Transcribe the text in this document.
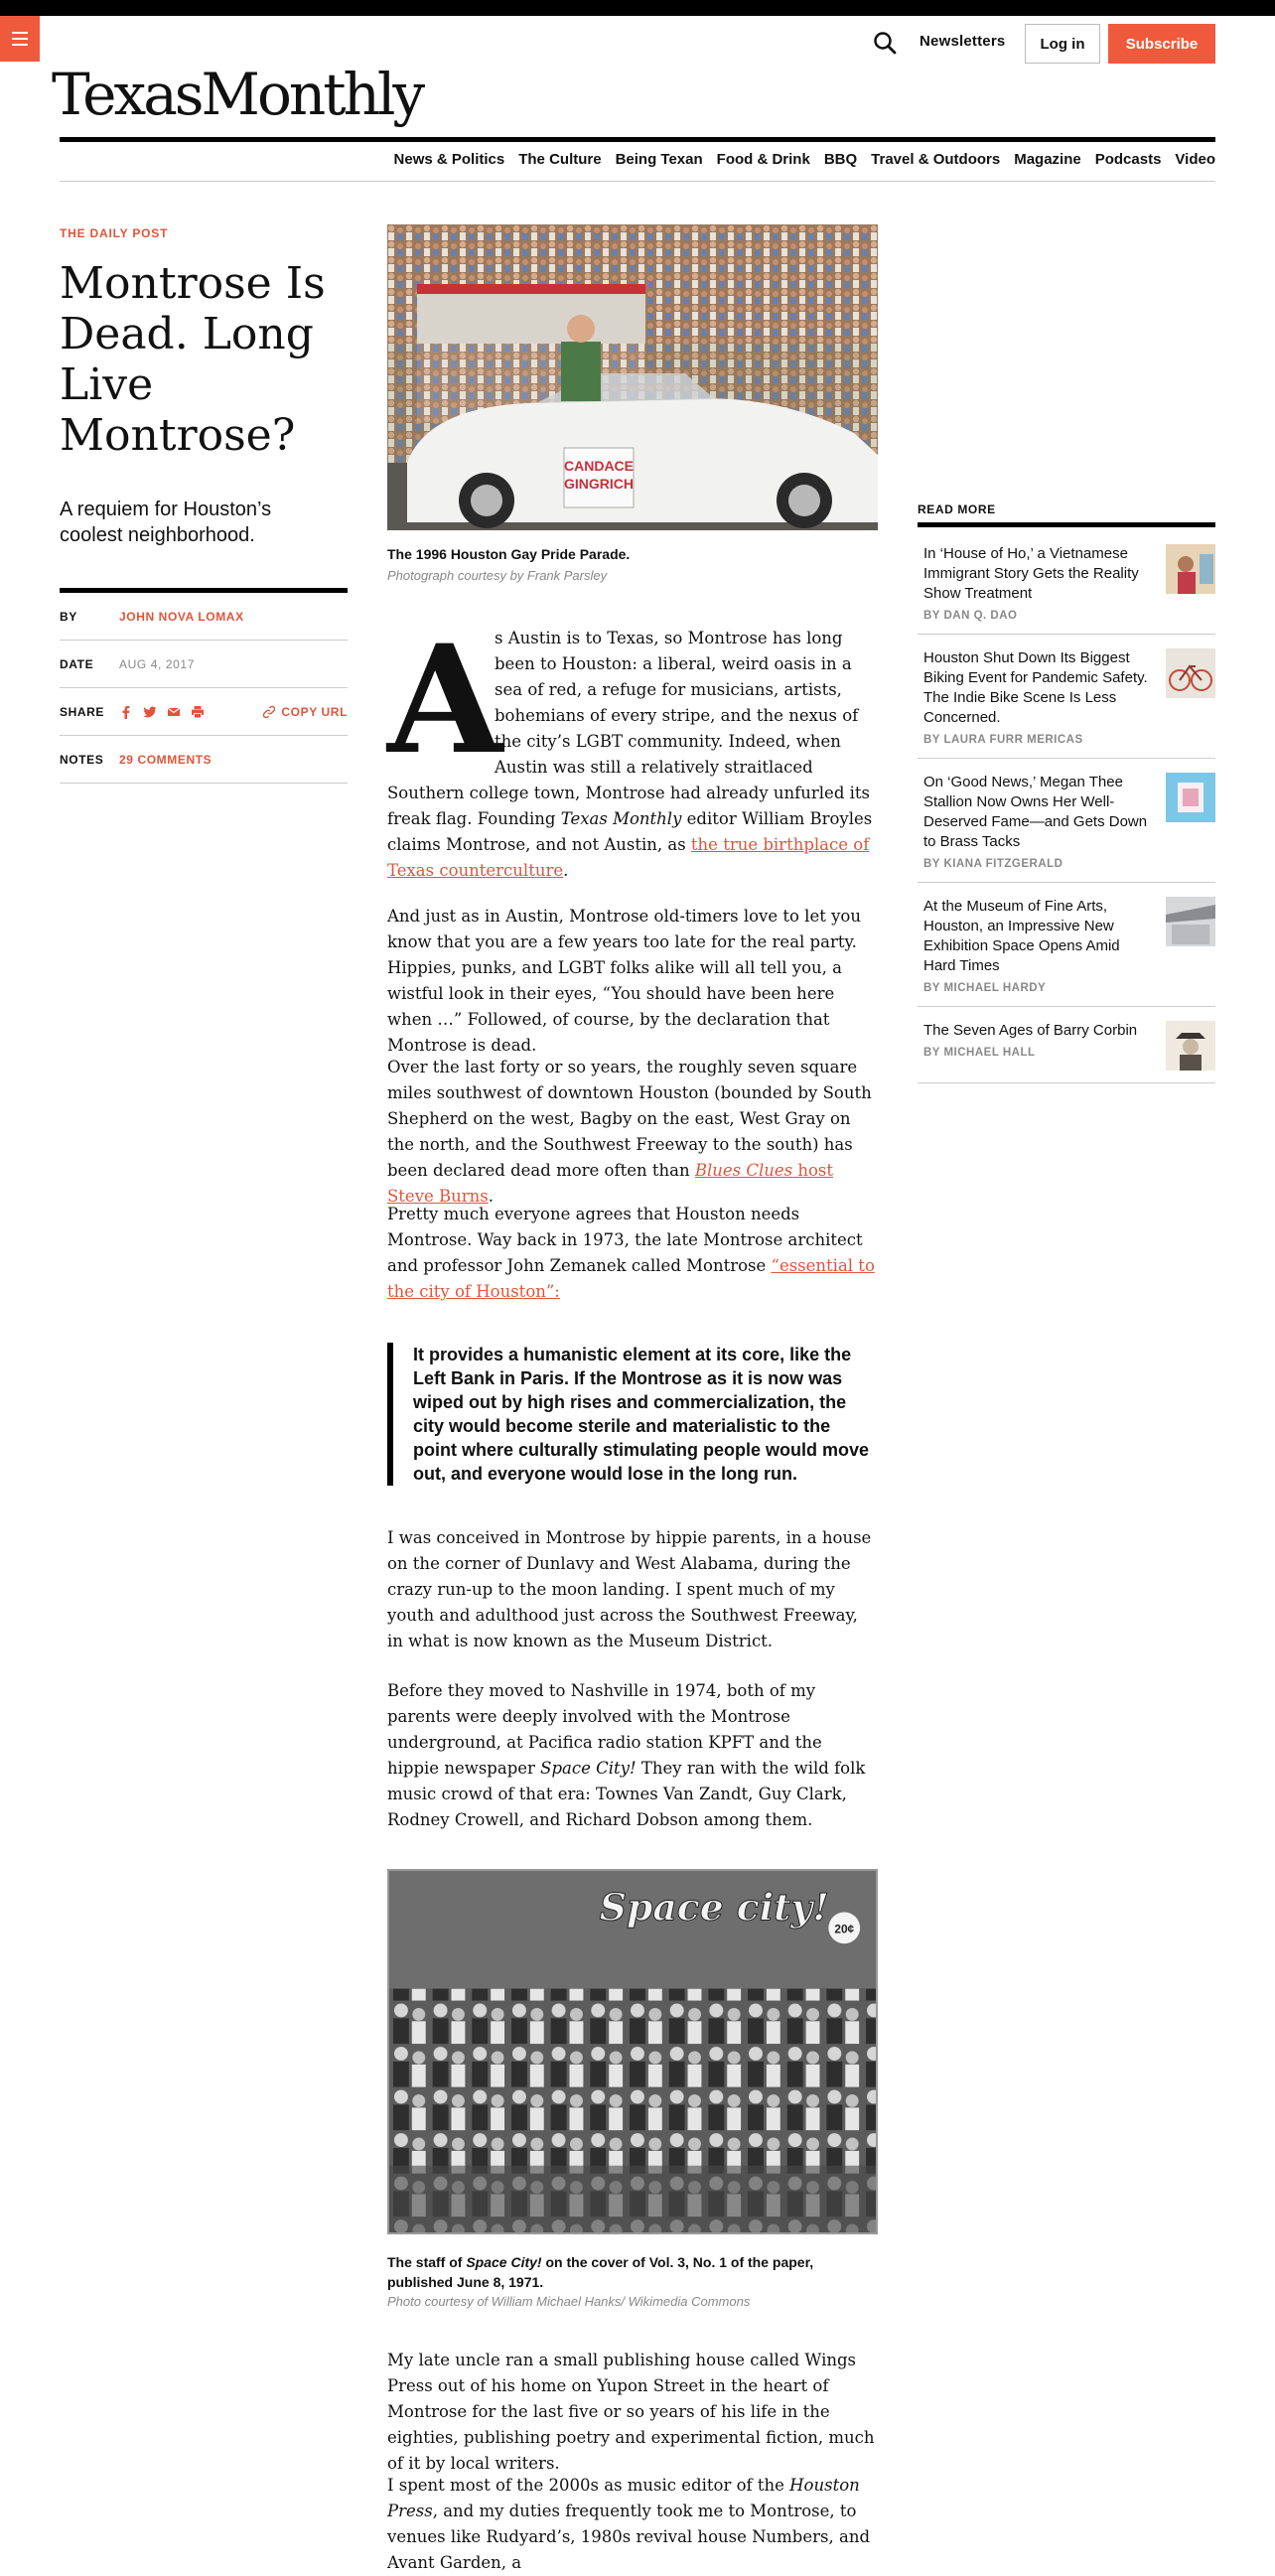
Newsletters	Log in	Subscribe
TexasMonthly
News & Politics The Culture Being Texan Food & Drink BBQ Travel & Outdoors Magazine Podcasts Video
THE DAILY POST
Montrose Is Dead. Long Live Montrose?
A requiem for Houston’s coolest neighborhood.
BY	JOHN NOVA LOMAX
DATE	AUG 4, 2017
SHARE	COPY URL
NOTES	29 COMMENTS
CANDACE
GINGRICH
The 1996 Houston Gay Pride Parade.
Photograph courtesy by Frank Parsley
A
s Austin is to Texas, so Montrose has long been to Houston: a liberal, weird oasis in a sea of red, a refuge for musicians, artists, bohemians of every stripe, and the nexus of the city’s LGBT community. Indeed, when Austin was still a relatively straitlaced Southern college town, Montrose had already unfurled its freak flag. Founding Texas Monthly editor William Broyles claims Montrose, and not Austin, as the true birthplace of Texas counterculture.
And just as in Austin, Montrose old-timers love to let you know that you are a few years too late for the real party. Hippies, punks, and LGBT folks alike will all tell you, a wistful look in their eyes, “You should have been here when …” Followed, of course, by the declaration that Montrose is dead.
Over the last forty or so years, the roughly seven square miles southwest of downtown Houston (bounded by South Shepherd on the west, Bagby on the east, West Gray on the north, and the Southwest Freeway to the south) has been declared dead more often than Blues Clues host Steve Burns.
Pretty much everyone agrees that Houston needs Montrose. Way back in 1973, the late Montrose architect and professor John Zemanek called Montrose “essential to the city of Houston”:
It provides a humanistic element at its core, like the Left Bank in Paris. If the Montrose as it is now was wiped out by high rises and commercialization, the city would become sterile and materialistic to the point where culturally stimulating people would move out, and everyone would lose in the long run.
I was conceived in Montrose by hippie parents, in a house on the corner of Dunlavy and West Alabama, during the crazy run-up to the moon landing. I spent much of my youth and adulthood just across the Southwest Freeway, in what is now known as the Museum District.
Before they moved to Nashville in 1974, both of my parents were deeply involved with the Montrose underground, at Pacifica radio station KPFT and the hippie newspaper Space City! They ran with the wild folk music crowd of that era: Townes Van Zandt, Guy Clark, Rodney Crowell, and Richard Dobson among them.
Space city! 20¢
The staff of Space City! on the cover of Vol. 3, No. 1 of the paper, published June 8, 1971.
Photo courtesy of William Michael Hanks/ Wikimedia Commons
My late uncle ran a small publishing house called Wings Press out of his home on Yupon Street in the heart of Montrose for the last five or so years of his life in the eighties, publishing poetry and experimental fiction, much of it by local writers.
I spent most of the 2000s as music editor of the Houston Press, and my duties frequently took me to Montrose, to venues like Rudyard’s, 1980s revival house Numbers, and Avant Garden, a
READ MORE
In ‘House of Ho,’ a Vietnamese Immigrant Story Gets the Reality Show Treatment
BY DAN Q. DAO
Houston Shut Down Its Biggest Biking Event for Pandemic Safety. The Indie Bike Scene Is Less Concerned.
BY LAURA FURR MERICAS
On ‘Good News,’ Megan Thee Stallion Now Owns Her Well-Deserved Fame—and Gets Down to Brass Tacks
BY KIANA FITZGERALD
At the Museum of Fine Arts, Houston, an Impressive New Exhibition Space Opens Amid Hard Times
BY MICHAEL HARDY
The Seven Ages of Barry Corbin
BY MICHAEL HALL
